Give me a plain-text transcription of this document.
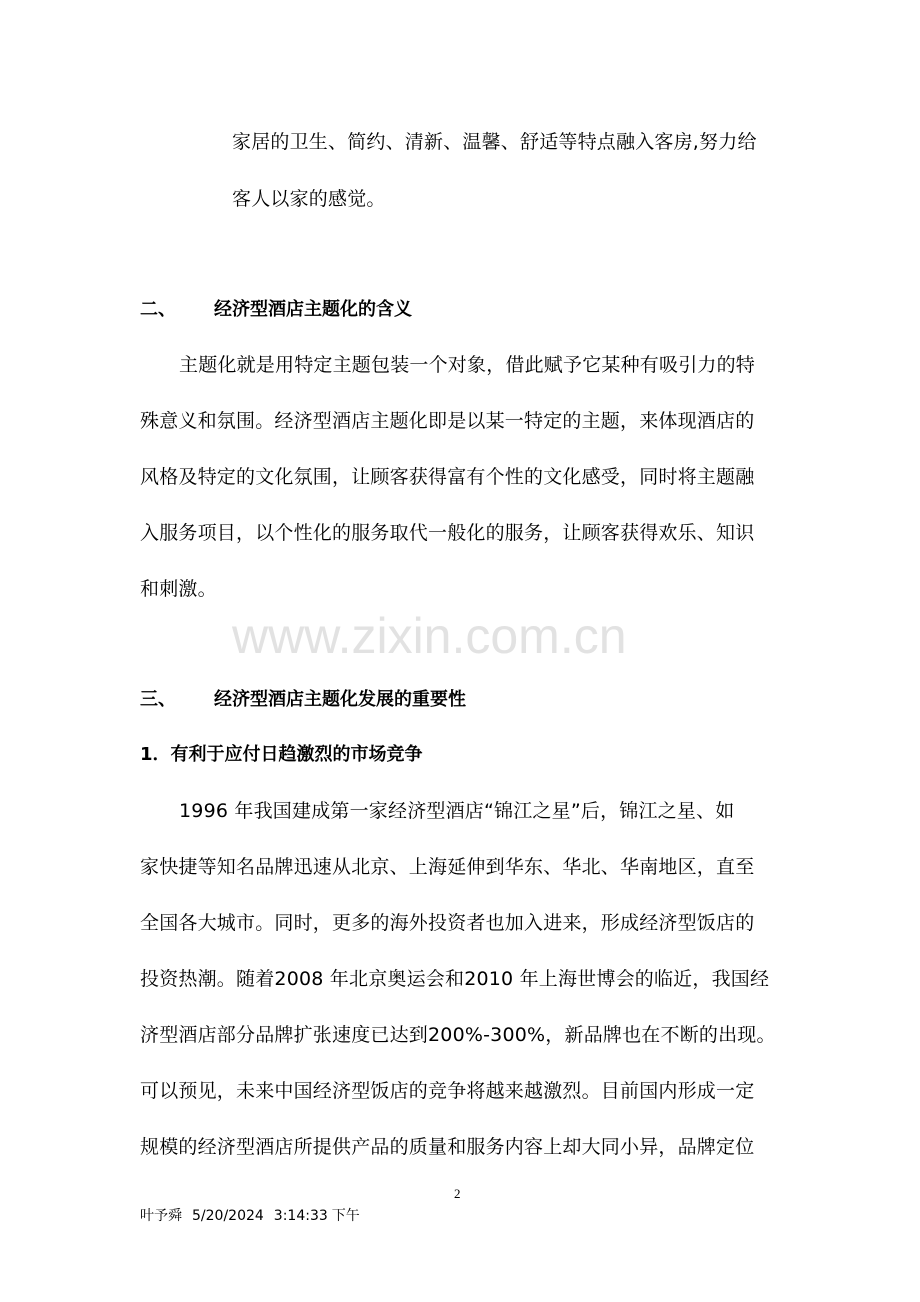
家居的卫生、简约、清新、温馨、舒适等特点融入客房,努力给
客人以家的感觉。
二、 经济型酒店主题化的含义
主题化就是用特定主题包装一个对象，借此赋予它某种有吸引力的特
殊意义和氛围。经济型酒店主题化即是以某一特定的主题，来体现酒店的
风格及特定的文化氛围，让顾客获得富有个性的文化感受，同时将主题融
入服务项目，以个性化的服务取代一般化的服务，让顾客获得欢乐、知识
和刺激。
www.zixin.com.cn
三、 经济型酒店主题化发展的重要性
1．有利于应付日趋激烈的市场竞争
1996 年我国建成第一家经济型酒店“锦江之星”后，锦江之星、如
家快捷等知名品牌迅速从北京、上海延伸到华东、华北、华南地区，直至
全国各大城市。同时，更多的海外投资者也加入进来，形成经济型饭店的
投资热潮。随着2008 年北京奥运会和2010 年上海世博会的临近，我国经
济型酒店部分品牌扩张速度已达到200%-300%，新品牌也在不断的出现。
可以预见，未来中国经济型饭店的竞争将越来越激烈。目前国内形成一定
规模的经济型酒店所提供产品的质量和服务内容上却大同小异，品牌定位
2
叶予舜 5/20/2024 3:14:33 下午
